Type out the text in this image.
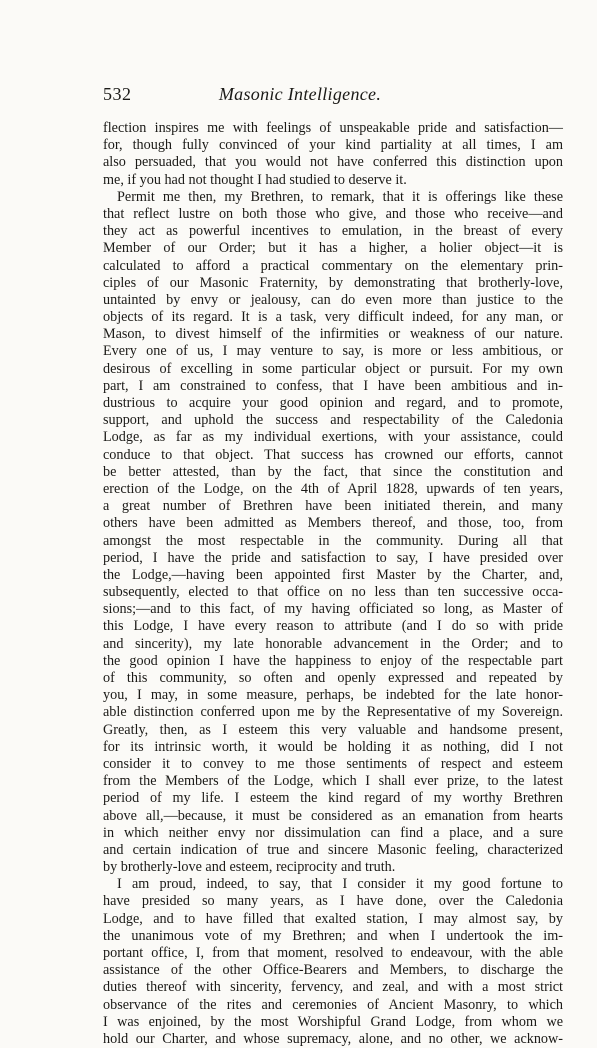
532	Masonic Intelligence.
flection inspires me with feelings of unspeakable pride and satisfaction—
for, though fully convinced of your kind partiality at all times, I am
also persuaded, that you would not have conferred this distinction upon
me, if you had not thought I had studied to deserve it.
Permit me then, my Brethren, to remark, that it is offerings like these
that reflect lustre on both those who give, and those who receive—and
they act as powerful incentives to emulation, in the breast of every
Member of our Order; but it has a higher, a holier object—it is
calculated to afford a practical commentary on the elementary prin-
ciples of our Masonic Fraternity, by demonstrating that brotherly-love,
untainted by envy or jealousy, can do even more than justice to the
objects of its regard. It is a task, very difficult indeed, for any man, or
Mason, to divest himself of the infirmities or weakness of our nature.
Every one of us, I may venture to say, is more or less ambitious, or
desirous of excelling in some particular object or pursuit. For my own
part, I am constrained to confess, that I have been ambitious and in-
dustrious to acquire your good opinion and regard, and to promote,
support, and uphold the success and respectability of the Caledonia
Lodge, as far as my individual exertions, with your assistance, could
conduce to that object. That success has crowned our efforts, cannot
be better attested, than by the fact, that since the constitution and
erection of the Lodge, on the 4th of April 1828, upwards of ten years,
a great number of Brethren have been initiated therein, and many
others have been admitted as Members thereof, and those, too, from
amongst the most respectable in the community. During all that
period, I have the pride and satisfaction to say, I have presided over
the Lodge,—having been appointed first Master by the Charter, and,
subsequently, elected to that office on no less than ten successive occa-
sions;—and to this fact, of my having officiated so long, as Master of
this Lodge, I have every reason to attribute (and I do so with pride
and sincerity), my late honorable advancement in the Order; and to
the good opinion I have the happiness to enjoy of the respectable part
of this community, so often and openly expressed and repeated by
you, I may, in some measure, perhaps, be indebted for the late honor-
able distinction conferred upon me by the Representative of my Sovereign.
Greatly, then, as I esteem this very valuable and handsome present,
for its intrinsic worth, it would be holding it as nothing, did I not
consider it to convey to me those sentiments of respect and esteem
from the Members of the Lodge, which I shall ever prize, to the latest
period of my life. I esteem the kind regard of my worthy Brethren
above all,—because, it must be considered as an emanation from hearts
in which neither envy nor dissimulation can find a place, and a sure
and certain indication of true and sincere Masonic feeling, characterized
by brotherly-love and esteem, reciprocity and truth.
I am proud, indeed, to say, that I consider it my good fortune to
have presided so many years, as I have done, over the Caledonia
Lodge, and to have filled that exalted station, I may almost say, by
the unanimous vote of my Brethren; and when I undertook the im-
portant office, I, from that moment, resolved to endeavour, with the able
assistance of the other Office-Bearers and Members, to discharge the
duties thereof with sincerity, fervency, and zeal, and with a most strict
observance of the rites and ceremonies of Ancient Masonry, to which
I was enjoined, by the most Worshipful Grand Lodge, from whom we
hold our Charter, and whose supremacy, alone, and no other, we acknow-
